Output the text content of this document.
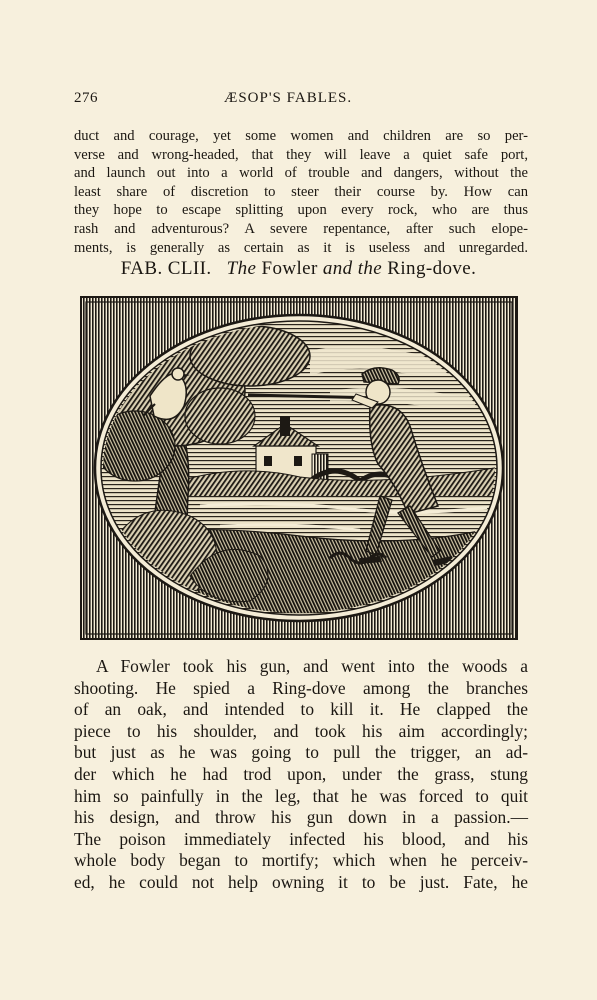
276	ÆSOP'S FABLES.
duct and courage, yet some women and children are so per-
verse and wrong-headed, that they will leave a quiet safe port,
and launch out into a world of trouble and dangers, without the
least share of discretion to steer their course by. How can
they hope to escape splitting upon every rock, who are thus
rash and adventurous? A severe repentance, after such elope-
ments, is generally as certain as it is useless and unregarded.
FAB. CLII. The Fowler and the Ring-dove.
A Fowler took his gun, and went into the woods a
shooting. He spied a Ring-dove among the branches
of an oak, and intended to kill it. He clapped the
piece to his shoulder, and took his aim accordingly;
but just as he was going to pull the trigger, an ad-
der which he had trod upon, under the grass, stung
him so painfully in the leg, that he was forced to quit
his design, and throw his gun down in a passion.—
The poison immediately infected his blood, and his
whole body began to mortify; which when he perceiv-
ed, he could not help owning it to be just. Fate, he
